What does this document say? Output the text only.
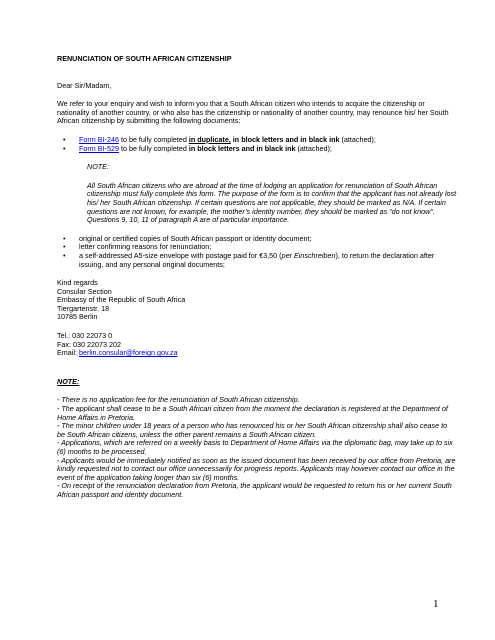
RENUNCIATION OF SOUTH AFRICAN CITIZENSHIP

Dear Sir/Madam,

We refer to your enquiry and wish to inform you that a South African citizen who intends to acquire the citizenship or nationality of another country, or who also has the citizenship or nationality of another country, may renounce his/ her South African citizenship by submitting the following documents:

• Form BI-246 to be fully completed in duplicate, in block letters and in black ink (attached);
• Form BI-529 to be fully completed in block letters and in black ink (attached);

NOTE:

All South African citizens who are abroad at the time of lodging an application for renunciation of South African citizenship must fully complete this form. The purpose of the form is to confirm that the applicant has not already lost his/ her South African citizenship. If certain questions are not applicable, they should be marked as N/A. If certain questions are not known, for example, the mother’s identity number, they should be marked as “do not know”. Questions 9, 10, 11 of paragraph A are of particular importance.

• original or certified copies of South African passport or identity document;
• letter confirming reasons for renunciation;
• a self-addressed A5-size envelope with postage paid for €3,50 (per Einschreiben), to return the declaration after issuing, and any personal original documents;

Kind regards

Consular Section

Embassy of the Republic of South Africa

Tiergartenstr. 18

10785 Berlin

Tel.: 030 22073 0

Fax: 030 22073 202

Email: berlin.consular@foreign.gov.za

NOTE:

- There is no application fee for the renunciation of South African citizenship.

- The applicant shall cease to be a South African citizen from the moment the declaration is registered at the Department of Home Affairs in Pretoria.

- The minor children under 18 years of a person who has renounced his or her South African citizenship shall also cease to be South African citizens, unless the other parent remains a South African citizen.

- Applications, which are referred on a weekly basis to Department of Home Affairs via the diplomatic bag, may take up to six (6) months to be processed.

- Applicants would be immediately notified as soon as the issued document has been received by our office from Pretoria, are kindly requested not to contact our office unnecessarily for progress reports. Applicants may however contact our office in the event of the application taking longer than six (6) months.

- On receipt of the renunciation declaration from Pretoria, the applicant would be requested to return his or her current South African passport and identity document.

1
